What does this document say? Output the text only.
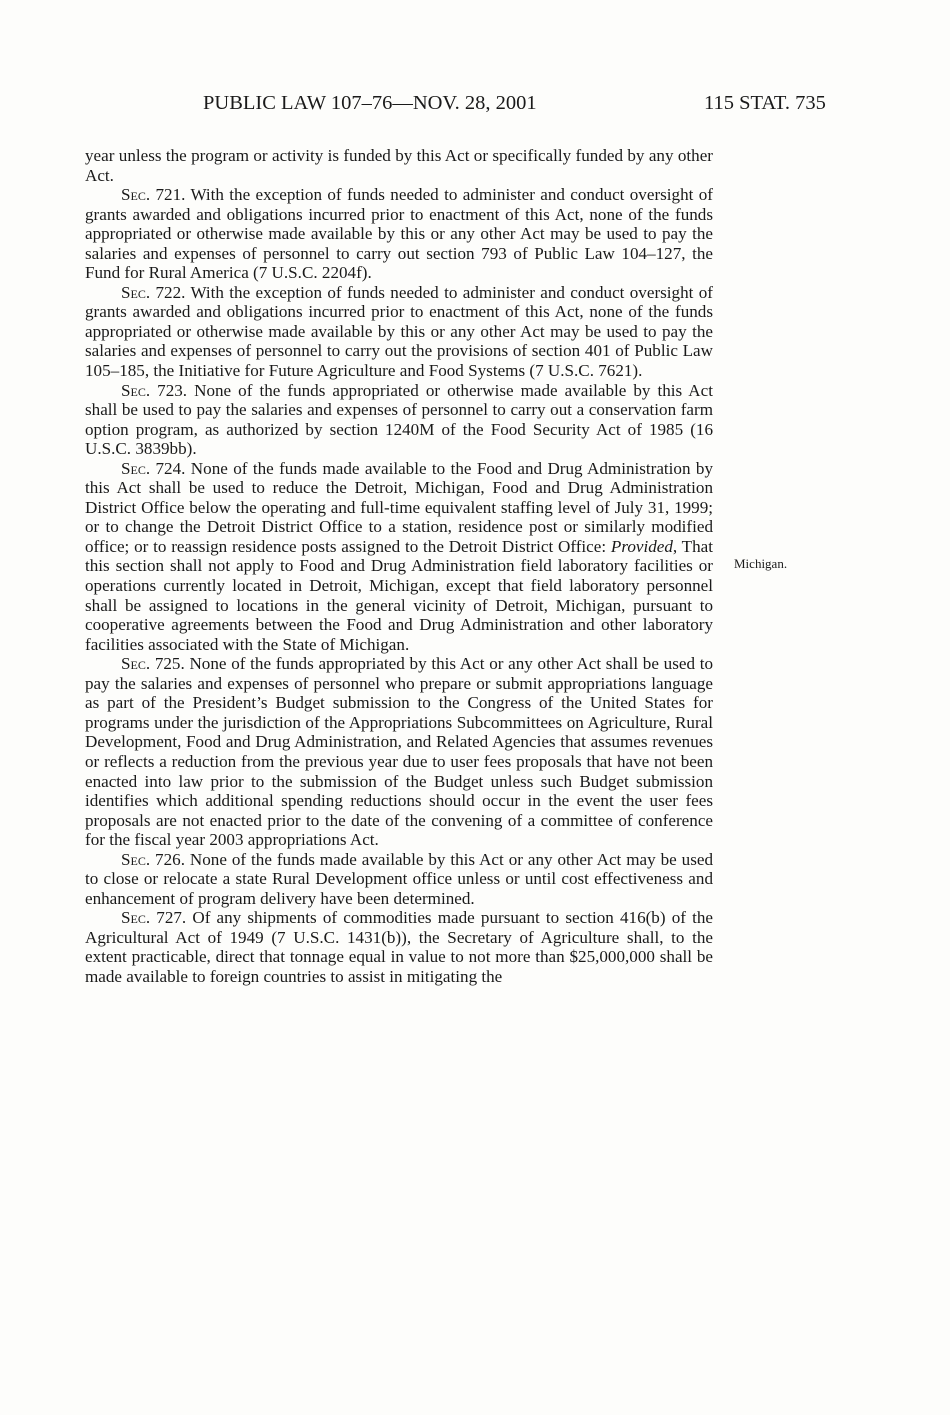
PUBLIC LAW 107–76—NOV. 28, 2001	115 STAT. 735

year unless the program or activity is funded by this Act or specifically funded by any other Act.

Sec. 721. With the exception of funds needed to administer and conduct oversight of grants awarded and obligations incurred prior to enactment of this Act, none of the funds appropriated or otherwise made available by this or any other Act may be used to pay the salaries and expenses of personnel to carry out section 793 of Public Law 104–127, the Fund for Rural America (7 U.S.C. 2204f).

Sec. 722. With the exception of funds needed to administer and conduct oversight of grants awarded and obligations incurred prior to enactment of this Act, none of the funds appropriated or otherwise made available by this or any other Act may be used to pay the salaries and expenses of personnel to carry out the provisions of section 401 of Public Law 105–185, the Initiative for Future Agriculture and Food Systems (7 U.S.C. 7621).

Sec. 723. None of the funds appropriated or otherwise made available by this Act shall be used to pay the salaries and expenses of personnel to carry out a conservation farm option program, as authorized by section 1240M of the Food Security Act of 1985 (16 U.S.C. 3839bb).

Sec. 724. None of the funds made available to the Food and Drug Administration by this Act shall be used to reduce the Detroit, Michigan, Food and Drug Administration District Office below the operating and full-time equivalent staffing level of July 31, 1999; or to change the Detroit District Office to a station, residence post or similarly modified office; or to reassign residence posts assigned to the Detroit District Office: Provided, That this section shall not apply to Food and Drug Administration field laboratory facilities or operations currently located in Detroit, Michigan, except that field laboratory personnel shall be assigned to locations in the general vicinity of Detroit, Michigan, pursuant to cooperative agreements between the Food and Drug Administration and other laboratory facilities associated with the State of Michigan.

Sec. 725. None of the funds appropriated by this Act or any other Act shall be used to pay the salaries and expenses of personnel who prepare or submit appropriations language as part of the President’s Budget submission to the Congress of the United States for programs under the jurisdiction of the Appropriations Subcommittees on Agriculture, Rural Development, Food and Drug Administration, and Related Agencies that assumes revenues or reflects a reduction from the previous year due to user fees proposals that have not been enacted into law prior to the submission of the Budget unless such Budget submission identifies which additional spending reductions should occur in the event the user fees proposals are not enacted prior to the date of the convening of a committee of conference for the fiscal year 2003 appropriations Act.

Sec. 726. None of the funds made available by this Act or any other Act may be used to close or relocate a state Rural Development office unless or until cost effectiveness and enhancement of program delivery have been determined.

Sec. 727. Of any shipments of commodities made pursuant to section 416(b) of the Agricultural Act of 1949 (7 U.S.C. 1431(b)), the Secretary of Agriculture shall, to the extent practicable, direct that tonnage equal in value to not more than $25,000,000 shall be made available to foreign countries to assist in mitigating the

Michigan.
